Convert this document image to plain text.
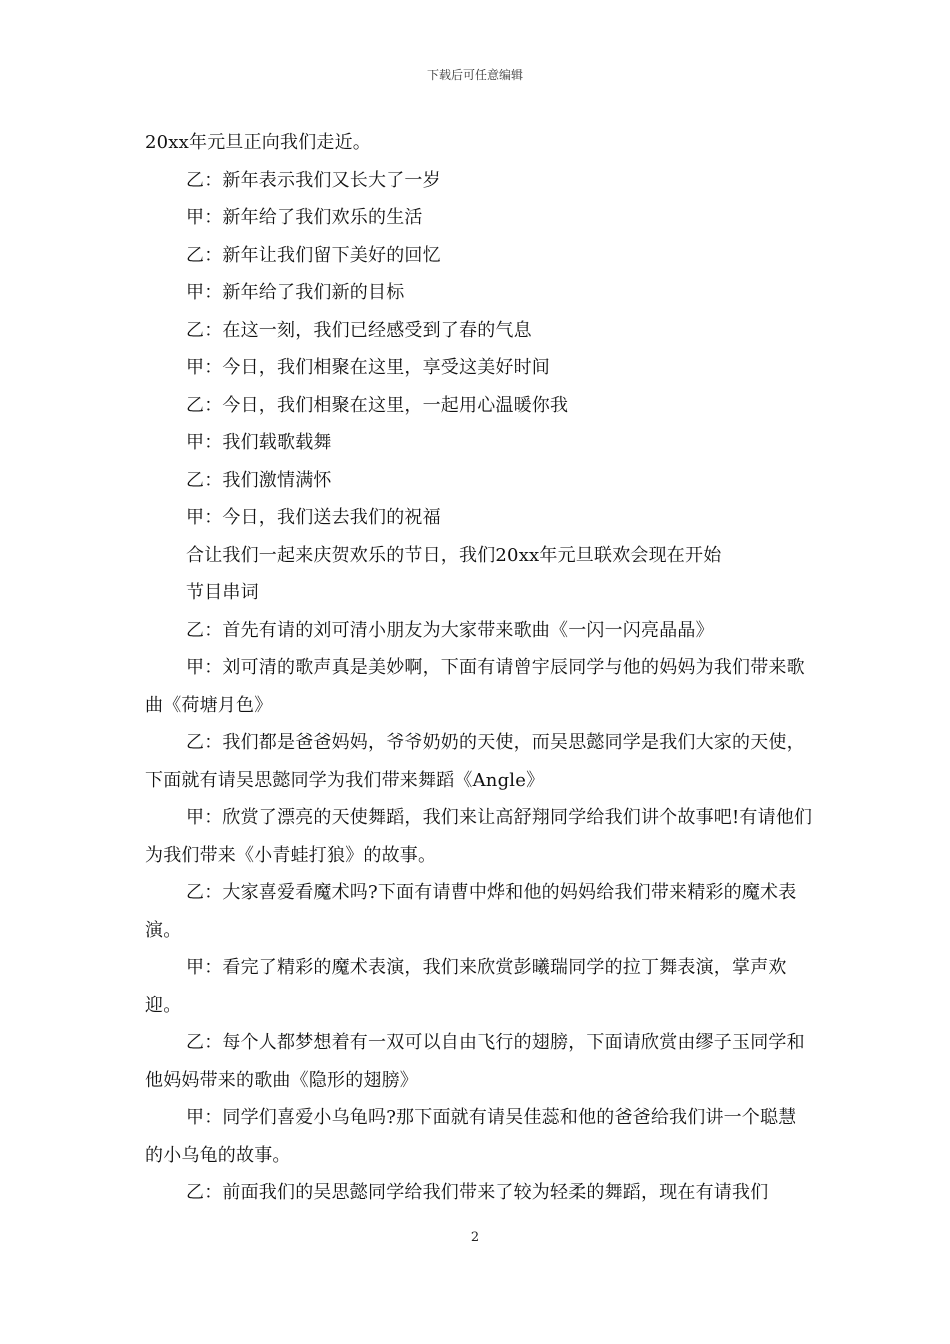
下载后可任意编辑

20xx年元旦正向我们走近。

乙：新年表示我们又长大了一岁

甲：新年给了我们欢乐的生活

乙：新年让我们留下美好的回忆

甲：新年给了我们新的目标

乙：在这一刻，我们已经感受到了春的气息

甲：今日，我们相聚在这里，享受这美好时间

乙：今日，我们相聚在这里，一起用心温暖你我

甲：我们载歌载舞

乙：我们激情满怀

甲：今日，我们送去我们的祝福

合让我们一起来庆贺欢乐的节日，我们20xx年元旦联欢会现在开始

节目串词

乙：首先有请的刘可清小朋友为大家带来歌曲《一闪一闪亮晶晶》

甲：刘可清的歌声真是美妙啊，下面有请曾宇辰同学与他的妈妈为我们带来歌曲《荷塘月色》

乙：我们都是爸爸妈妈，爷爷奶奶的天使，而吴思懿同学是我们大家的天使，下面就有请吴思懿同学为我们带来舞蹈《Angle》

甲：欣赏了漂亮的天使舞蹈，我们来让高舒翔同学给我们讲个故事吧!有请他们为我们带来《小青蛙打狼》的故事。

乙：大家喜爱看魔术吗?下面有请曹中烨和他的妈妈给我们带来精彩的魔术表演。

甲：看完了精彩的魔术表演，我们来欣赏彭曦瑞同学的拉丁舞表演，掌声欢迎。

乙：每个人都梦想着有一双可以自由飞行的翅膀，下面请欣赏由缪子玉同学和他妈妈带来的歌曲《隐形的翅膀》

甲：同学们喜爱小乌龟吗?那下面就有请吴佳蕊和他的爸爸给我们讲一个聪慧的小乌龟的故事。

乙：前面我们的吴思懿同学给我们带来了较为轻柔的舞蹈，现在有请我们

2
